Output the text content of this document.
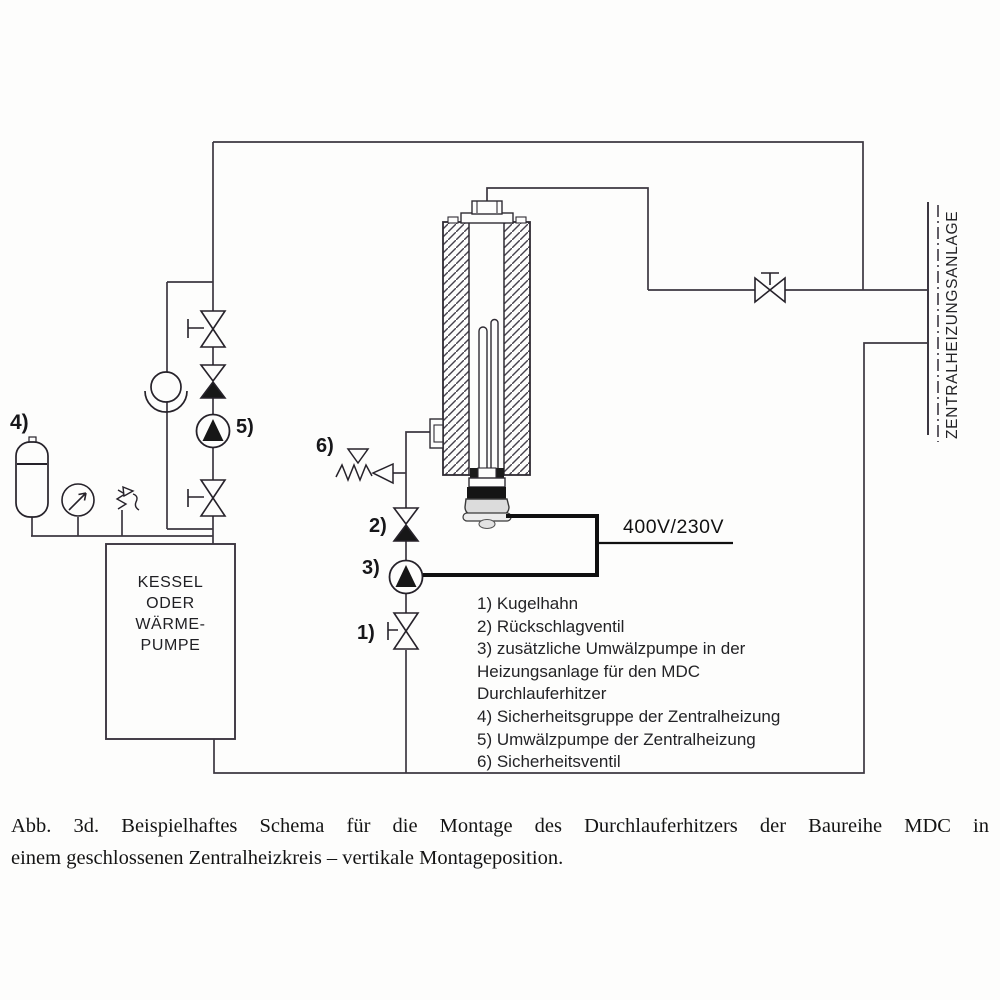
4)	5)
6)
2)
3)
1)
400V/230V
KESSEL
ODER
WÄRME-
PUMPE
1) Kugelhahn
2) Rückschlagventil
3) zusätzliche Umwälzpumpe in der
Heizungsanlage für den MDC
Durchlauferhitzer
4) Sicherheitsgruppe der Zentralheizung
5) Umwälzpumpe der Zentralheizung
6) Sicherheitsventil
ZENTRALHEIZUNGSANLAGE
Abb. 3d. Beispielhaftes Schema für die Montage des Durchlauferhitzers der Baureihe MDC in
einem geschlossenen Zentralheizkreis – vertikale Montageposition.
